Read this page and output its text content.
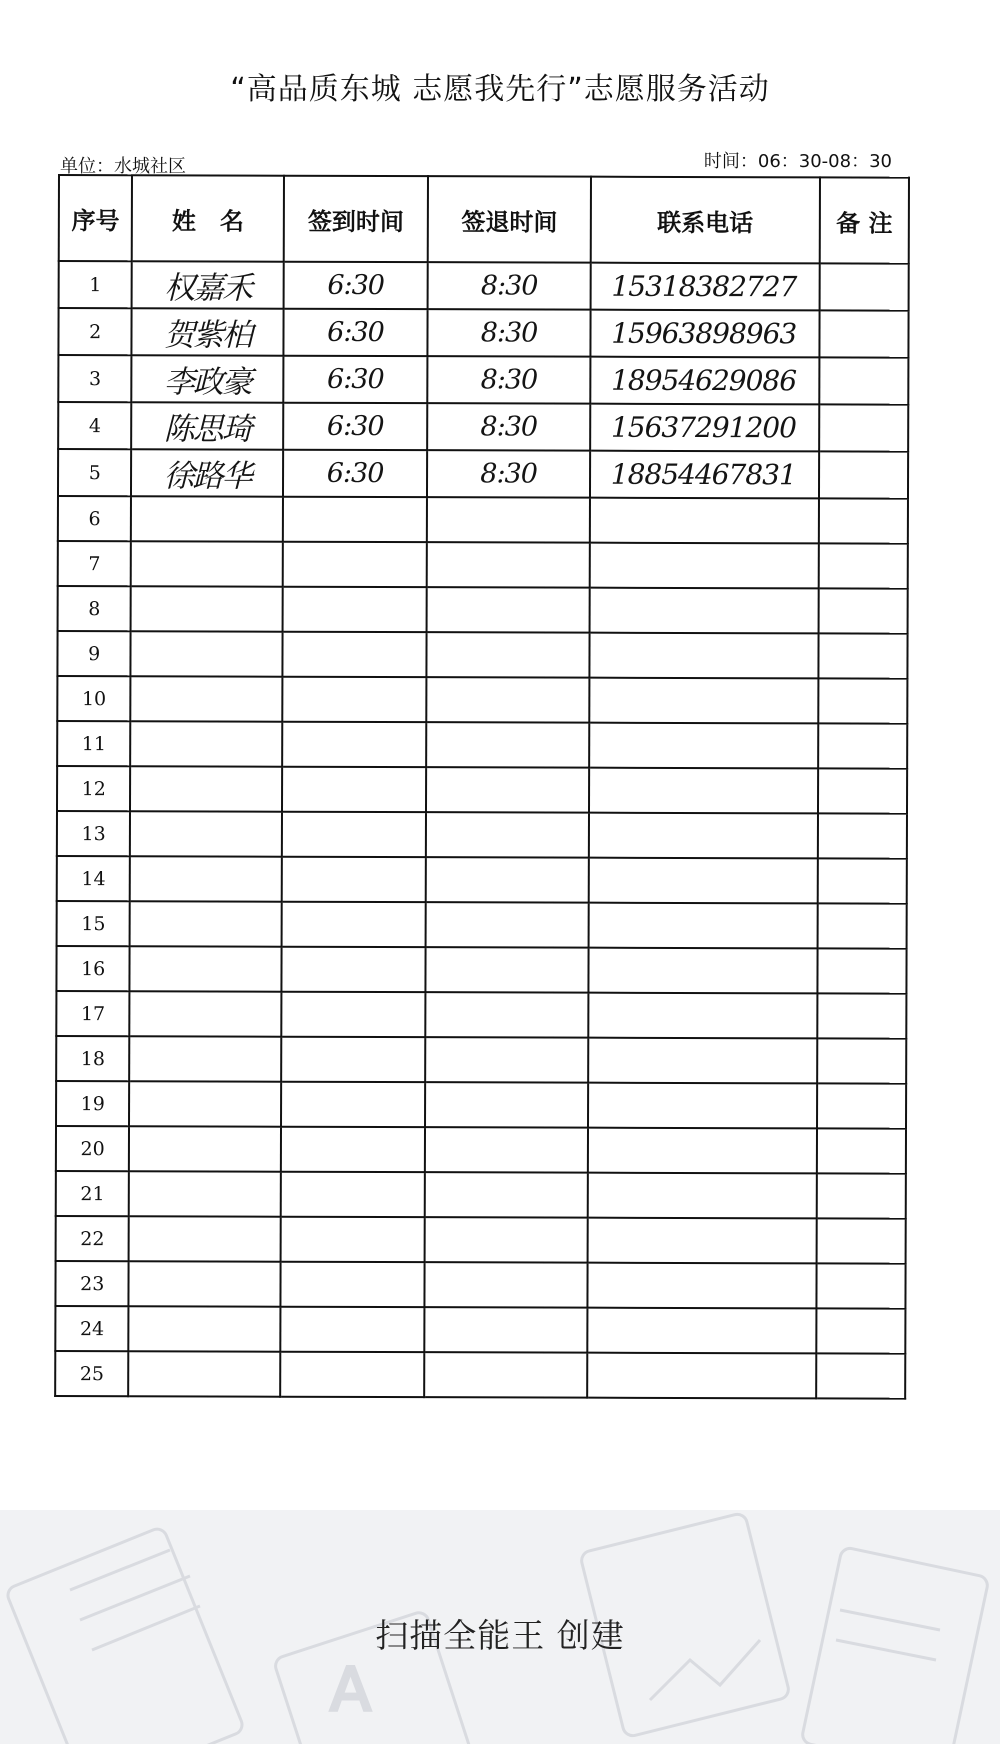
“高品质东城 志愿我先行”志愿服务活动
单位：水城社区	时间：06：30-08：30
序号	姓　名	签到时间	签退时间	联系电话	备 注
1	权嘉禾	6:30	8:30	15318382727	
2	贺紫柏	6:30	8:30	15963898963	
3	李政豪	6:30	8:30	18954629086	
4	陈思琦	6:30	8:30	15637291200	
5	徐路华	6:30	8:30	18854467831	
6					
7					
8					
9					
10					
11					
12					
13					
14					
15					
16					
17					
18					
19					
20					
21					
22					
23					
24					
25					
A
扫描全能王 创建
